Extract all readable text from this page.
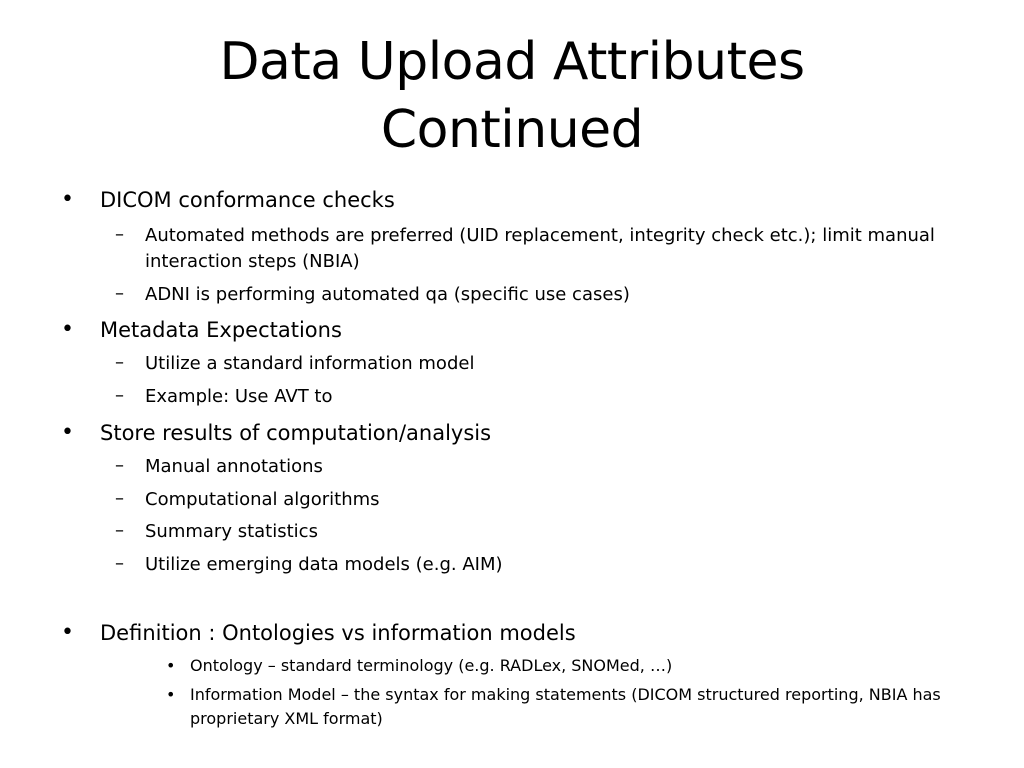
Data Upload Attributes
Continued
• DICOM conformance checks
– Automated methods are preferred (UID replacement, integrity check etc.); limit manual interaction steps (NBIA)
– ADNI is performing automated qa (specific use cases)
• Metadata Expectations
– Utilize a standard information model
– Example: Use AVT to
• Store results of computation/analysis
– Manual annotations
– Computational algorithms
– Summary statistics
– Utilize emerging data models (e.g. AIM)
• Definition : Ontologies vs information models
• Ontology – standard terminology (e.g. RADLex, SNOMed, …)
• Information Model – the syntax for making statements (DICOM structured reporting, NBIA has proprietary XML format)
